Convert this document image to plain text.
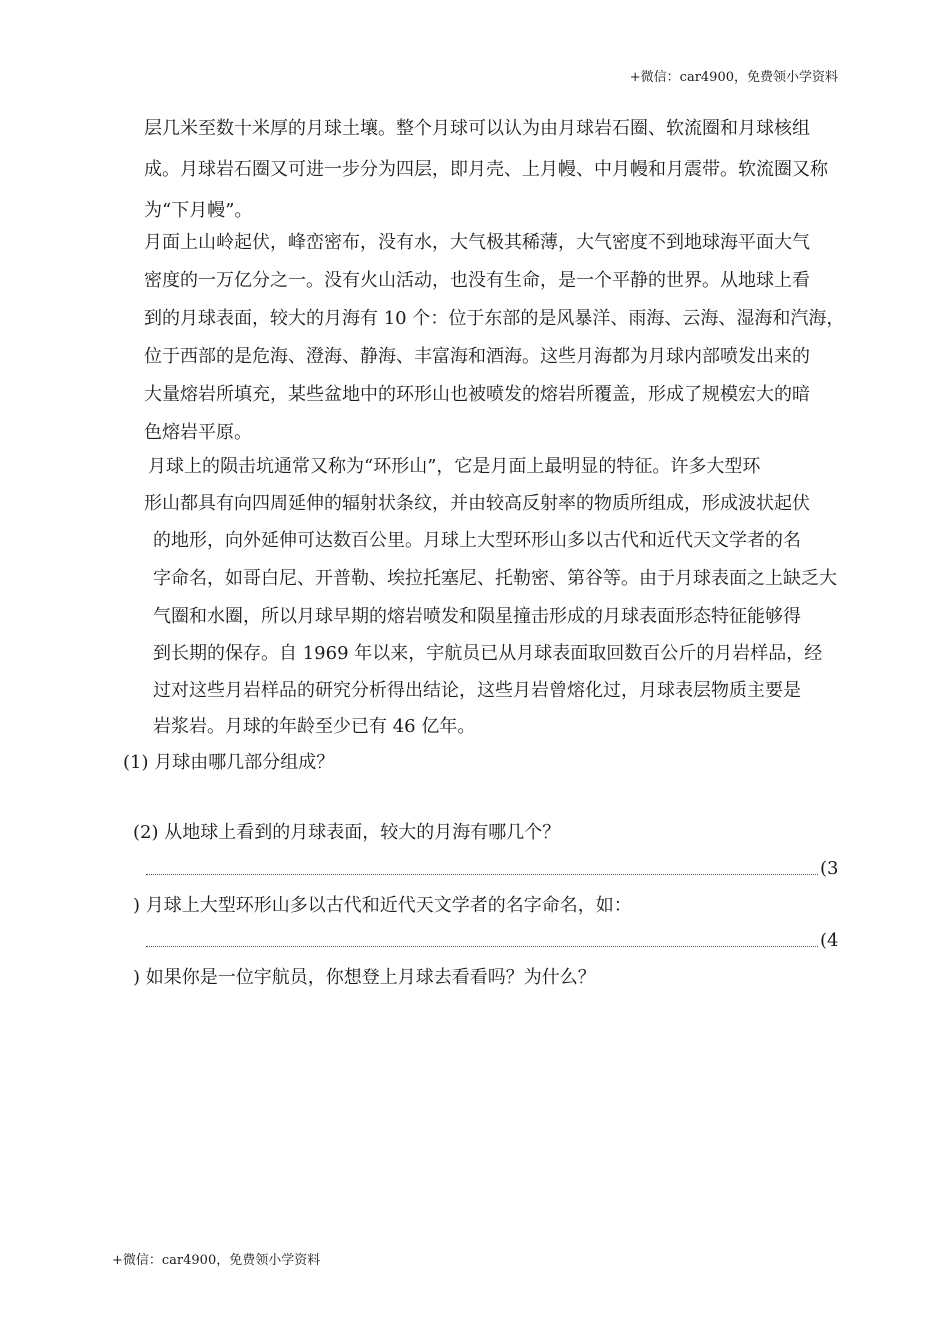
+微信：car4900，免费领小学资料
层几米至数十米厚的月球土壤。整个月球可以认为由月球岩石圈、软流圈和月球核组
成。月球岩石圈又可进一步分为四层，即月壳、上月幔、中月幔和月震带。软流圈又称
为“下月幔”。
月面上山岭起伏，峰峦密布，没有水，大气极其稀薄，大气密度不到地球海平面大气
密度的一万亿分之一。没有火山活动，也没有生命，是一个平静的世界。从地球上看
到的月球表面，较大的月海有 10 个：位于东部的是风暴洋、雨海、云海、湿海和汽海，
位于西部的是危海、澄海、静海、丰富海和酒海。这些月海都为月球内部喷发出来的
大量熔岩所填充，某些盆地中的环形山也被喷发的熔岩所覆盖，形成了规模宏大的暗
色熔岩平原。
月球上的陨击坑通常又称为“环形山”，它是月面上最明显的特征。许多大型环
形山都具有向四周延伸的辐射状条纹，并由较高反射率的物质所组成，形成波状起伏
的地形，向外延伸可达数百公里。月球上大型环形山多以古代和近代天文学者的名
字命名，如哥白尼、开普勒、埃拉托塞尼、托勒密、第谷等。由于月球表面之上缺乏大
气圈和水圈，所以月球早期的熔岩喷发和陨星撞击形成的月球表面形态特征能够得
到长期的保存。自 1969 年以来，宇航员已从月球表面取回数百公斤的月岩样品，经
过对这些月岩样品的研究分析得出结论，这些月岩曾熔化过，月球表层物质主要是
岩浆岩。月球的年龄至少已有 46 亿年。
(1) 月球由哪几部分组成？
(2) 从地球上看到的月球表面，较大的月海有哪几个？
(3
) 月球上大型环形山多以古代和近代天文学者的名字命名，如：
(4
) 如果你是一位宇航员，你想登上月球去看看吗？为什么？
+微信：car4900，免费领小学资料
